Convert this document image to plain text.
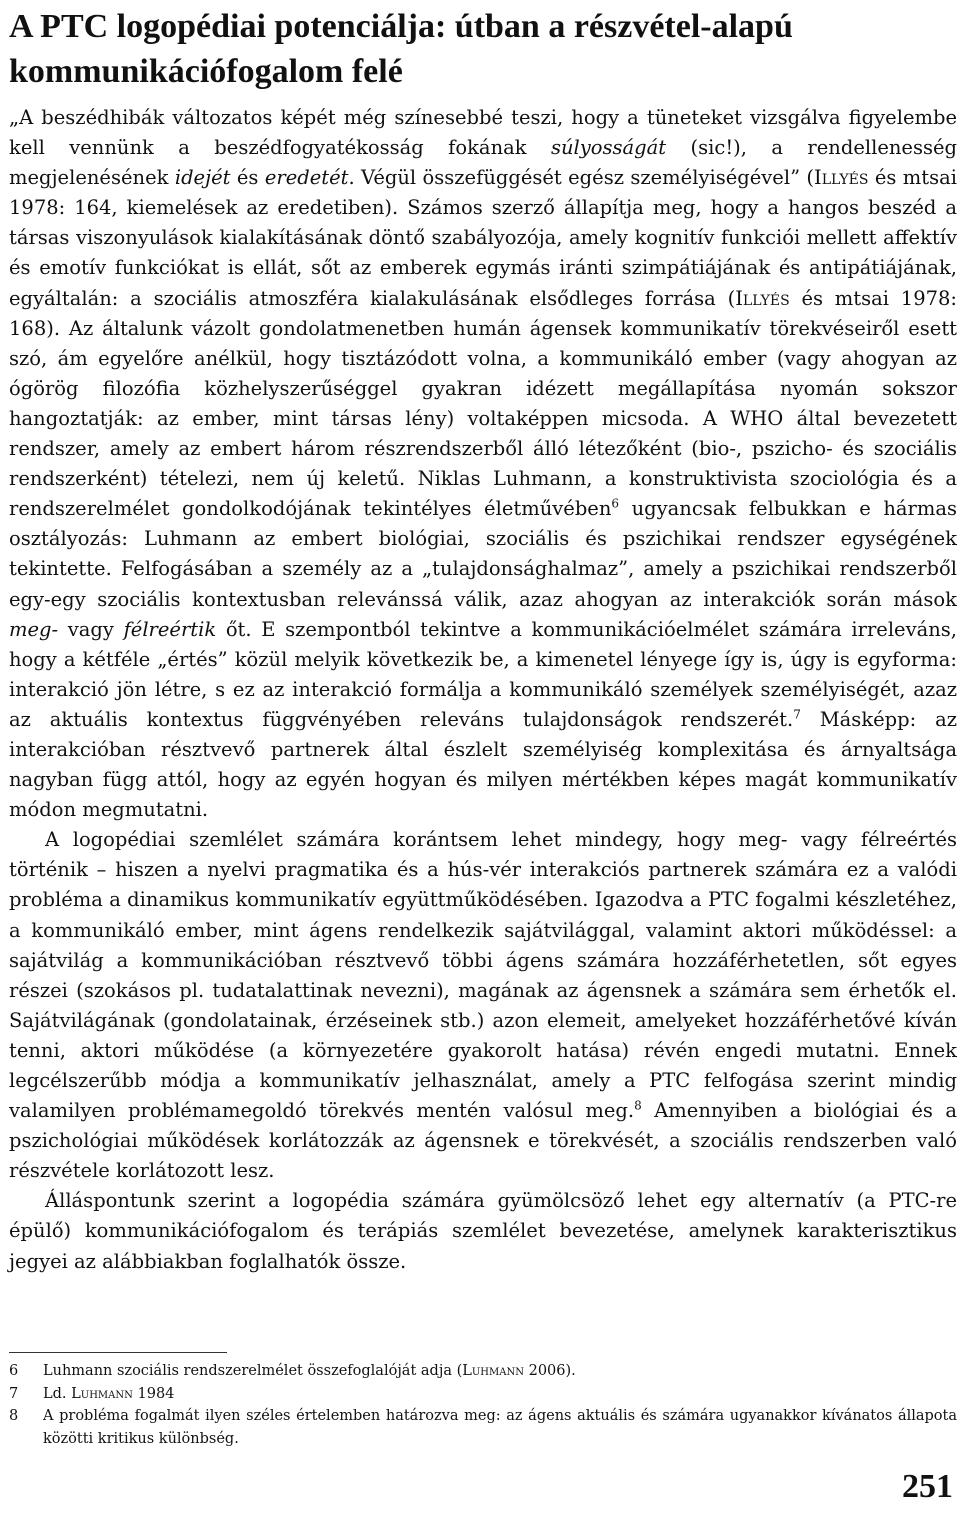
A PTC logopédiai potenciálja: útban a részvétel-alapú kommunikációfogalom felé

„A beszédhibák változatos képét még színesebbé teszi, hogy a tüneteket vizsgálva figyelembe kell vennünk a beszédfogyatékosság fokának súlyosságát (sic!), a rendellenesség megjelenésének idejét és eredetét. Végül összefüggését egész személyiségével” (Illyés és mtsai 1978: 164, kiemelések az eredetiben). Számos szerző állapítja meg, hogy a hangos beszéd a társas viszonyulások kialakításának döntő szabályozója, amely kognitív funkciói mellett affektív és emotív funkciókat is ellát, sőt az emberek egymás iránti szimpátiájának és antipátiájának, egyáltalán: a szociális atmoszféra kialakulásának elsődleges forrása (Illyés és mtsai 1978: 168). Az általunk vázolt gondolatmenetben humán ágensek kommunikatív törekvéseiről esett szó, ám egyelőre anélkül, hogy tisztázódott volna, a kommunikáló ember (vagy ahogyan az ógörög filozófia közhelyszerűséggel gyakran idézett megállapítása nyomán sokszor hangoztatják: az ember, mint társas lény) voltaképpen micsoda. A WHO által bevezetett rendszer, amely az embert három részrendszerből álló létezőként (bio-, pszicho- és szociális rendszerként) tételezi, nem új keletű. Niklas Luhmann, a konstruktivista szociológia és a rendszerelmélet gondolkodójának tekintélyes életművében$^6$ ugyancsak felbukkan e hármas osztályozás: Luhmann az embert biológiai, szociális és pszichikai rendszer egységének tekintette. Felfogásában a személy az a „tulajdonsághalmaz”, amely a pszichikai rendszerből egy-egy szociális kontextusban relevánssá válik, azaz ahogyan az interakciók során mások meg- vagy félreértik őt. E szempontból tekintve a kommunikációelmélet számára irreleváns, hogy a kétféle „értés” közül melyik következik be, a kimenetel lényege így is, úgy is egyforma: interakció jön létre, s ez az interakció formálja a kommunikáló személyek személyiségét, azaz az aktuális kontextus függvényében releváns tulajdonságok rendszerét.$^7$ Másképp: az interakcióban résztvevő partnerek által észlelt személyiség komplexitása és árnyaltsága nagyban függ attól, hogy az egyén hogyan és milyen mértékben képes magát kommunikatív módon megmutatni.

A logopédiai szemlélet számára korántsem lehet mindegy, hogy meg- vagy félreértés történik – hiszen a nyelvi pragmatika és a hús-vér interakciós partnerek számára ez a valódi probléma a dinamikus kommunikatív együttműködésében. Igazodva a PTC fogalmi készletéhez, a kommunikáló ember, mint ágens rendelkezik sajátvilággal, valamint aktori működéssel: a sajátvilág a kommunikációban résztvevő többi ágens számára hozzáférhetetlen, sőt egyes részei (szokásos pl. tudatalattinak nevezni), magának az ágensnek a számára sem érhetők el. Sajátvilágának (gondolatainak, érzéseinek stb.) azon elemeit, amelyeket hozzáférhetővé kíván tenni, aktori működése (a környezetére gyakorolt hatása) révén engedi mutatni. Ennek legcélszerűbb módja a kommunikatív jelhasználat, amely a PTC felfogása szerint mindig valamilyen problémamegoldó törekvés mentén valósul meg.$^8$ Amennyiben a biológiai és a pszichológiai működések korlátozzák az ágensnek e törekvését, a szociális rendszerben való részvétele korlátozott lesz.

Álláspontunk szerint a logopédia számára gyümölcsöző lehet egy alternatív (a PTC-re épülő) kommunikációfogalom és terápiás szemlélet bevezetése, amelynek karakterisztikus jegyei az alábbiakban foglalhatók össze.

6	Luhmann szociális rendszerelmélet összefoglalóját adja (Luhmann 2006).
7	Ld. Luhmann 1984
8	A probléma fogalmát ilyen széles értelemben határozva meg: az ágens aktuális és számára ugyanakkor kívánatos állapota közötti kritikus különbség.
251
